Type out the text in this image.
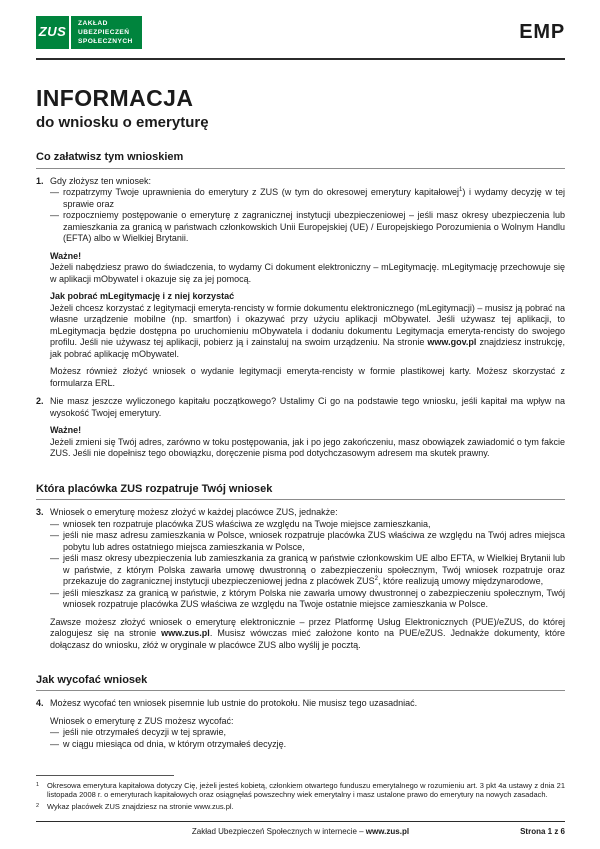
ZUS
ZAKŁAD
UBEZPIECZEŃ
SPOŁECZNYCH	EMP
INFORMACJA
do wniosku o emeryturę
Co załatwisz tym wnioskiem
1. Gdy złożysz ten wniosek:

— rozpatrzymy Twoje uprawnienia do emerytury z ZUS (w tym do okresowej emerytury kapitałowej$^1$) i wydamy decyzję w tej sprawie oraz

— rozpoczniemy postępowanie o emeryturę z zagranicznej instytucji ubezpieczeniowej – jeśli masz okresy ubezpieczenia lub zamieszkania za granicą w państwach członkowskich Unii Europejskiej (UE) / Europejskiego Porozumienia o Wolnym Handlu (EFTA) albo w Wielkiej Brytanii.

Ważne!

Jeżeli nabędziesz prawo do świadczenia, to wydamy Ci dokument elektroniczny – mLegitymację. mLegitymację przechowuje się w aplikacji mObywatel i okazuje się za jej pomocą.

Jak pobrać mLegitymację i z niej korzystać

Jeżeli chcesz korzystać z legitymacji emeryta-rencisty w formie dokumentu elektronicznego (mLegitymacji) – musisz ją pobrać na własne urządzenie mobilne (np. smartfon) i okazywać przy użyciu aplikacji mObywatel. Jeśli używasz tej aplikacji, to mLegitymacja będzie dostępna po uruchomieniu mObywatela i dodaniu dokumentu Legitymacja emeryta-rencisty do swojego profilu. Jeśli nie używasz tej aplikacji, pobierz ją i zainstaluj na swoim urządzeniu. Na stronie www.gov.pl znajdziesz instrukcję, jak pobrać aplikację mObywatel.

Możesz również złożyć wniosek o wydanie legitymacji emeryta-rencisty w formie plastikowej karty. Możesz skorzystać z formularza ERL.

2. Nie masz jeszcze wyliczonego kapitału początkowego? Ustalimy Ci go na podstawie tego wniosku, jeśli kapitał ma wpływ na wysokość Twojej emerytury.

Ważne!

Jeżeli zmieni się Twój adres, zarówno w toku postępowania, jak i po jego zakończeniu, masz obowiązek zawiadomić o tym fakcie ZUS. Jeśli nie dopełnisz tego obowiązku, doręczenie pisma pod dotychczasowym adresem ma skutek prawny.

Która placówka ZUS rozpatruje Twój wniosek
3. Wniosek o emeryturę możesz złożyć w każdej placówce ZUS, jednakże:

— wniosek ten rozpatruje placówka ZUS właściwa ze względu na Twoje miejsce zamieszkania,

— jeśli nie masz adresu zamieszkania w Polsce, wniosek rozpatruje placówka ZUS właściwa ze względu na Twój adres miejsca pobytu lub adres ostatniego miejsca zamieszkania w Polsce,

— jeśli masz okresy ubezpieczenia lub zamieszkania za granicą w państwie członkowskim UE albo EFTA, w Wielkiej Brytanii lub w państwie, z którym Polska zawarła umowę dwustronną o zabezpieczeniu społecznym, Twój wniosek rozpatruje oraz przekazuje do zagranicznej instytucji ubezpieczeniowej jedna z placówek ZUS$^2$, które realizują umowy międzynarodowe,

— jeśli mieszkasz za granicą w państwie, z którym Polska nie zawarła umowy dwustronnej o zabezpieczeniu społecznym, Twój wniosek rozpatruje placówka ZUS właściwa ze względu na Twoje ostatnie miejsce zamieszkania w Polsce.

Zawsze możesz złożyć wniosek o emeryturę elektronicznie – przez Platformę Usług Elektronicznych (PUE)/eZUS, do której zalogujesz się na stronie www.zus.pl. Musisz wówczas mieć założone konto na PUE/eZUS. Jednakże dokumenty, które dołączasz do wniosku, złóż w oryginale w placówce ZUS albo wyślij je pocztą.

Jak wycofać wniosek
4. Możesz wycofać ten wniosek pisemnie lub ustnie do protokołu. Nie musisz tego uzasadniać.

Wniosek o emeryturę z ZUS możesz wycofać:

— jeśli nie otrzymałeś decyzji w tej sprawie,

— w ciągu miesiąca od dnia, w którym otrzymałeś decyzję.

1	Okresowa emerytura kapitałowa dotyczy Cię, jeżeli jesteś kobietą, członkiem otwartego funduszu emerytalnego w rozumieniu art. 3 pkt 4a ustawy z dnia 21 listopada 2008 r. o emeryturach kapitałowych oraz osiągnęłaś powszechny wiek emerytalny i masz ustalone prawo do emerytury na nowych zasadach.

2	Wykaz placówek ZUS znajdziesz na stronie www.zus.pl.

Zakład Ubezpieczeń Społecznych w internecie – www.zus.pl	Strona 1 z 6
